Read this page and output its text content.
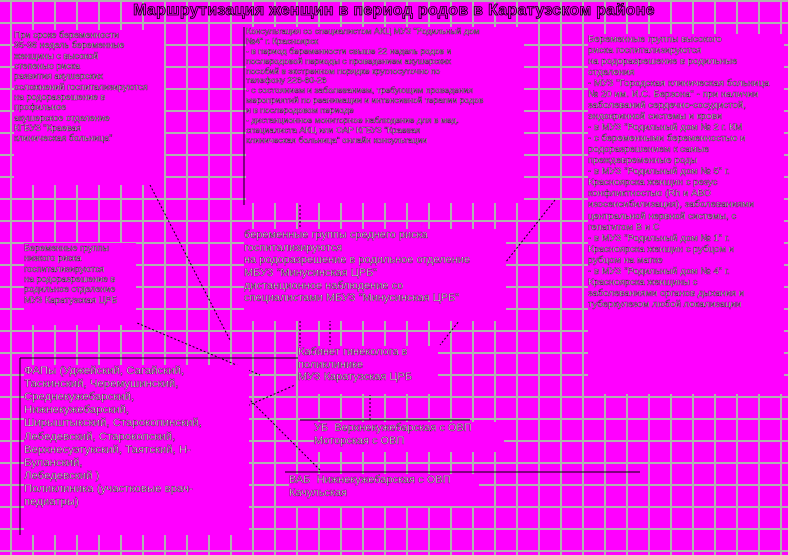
Маршрутизация женщин в период родов в Каратузском районе
При сроке беременности
35-36 недель беременные
женщины с высокой
степенью риска
развития акушерских
осложнений госпитализируются
на родоразрешение в
профильное
акушерское отделение
КГБУЗ "Краевая
клиническая больница"
Консультация со специалистом АКЦ МУЗ "Родильный дом
№4" г. Красноярск
- в период беременности свыше 22 недель родов и
послеродовой периоды с проведением акушерских
пособий в экстренном порядке круглосуточно по
телефону 226-60-26
- с состоянием и заболеванием, требующим проведения
мероприятий по реанимации и интенсивной терапии родов
и в послеродовом периоде
- дистанционное мониторное наблюдение для в мед.
специалиста АКЦ или ОАР КГБУЗ "Краевая
клиническая больница" онлайн консультации
Беременные группы высокого
риска госпитализируются
на родоразрешение в родильные
отделения
- МУЗ "Городская клиническая больница
№ 20 им. И.С. Берзона" - при наличии
заболеваний сердечно-сосудистой,
эндокринной системы и крови
- в МУЗ "Родильный дом № 2 г. КМ
- с беременными беременностью и
родоразрешением к самые
преждевременные роды
- в МУЗ "Родильный дом № 5" г.
Красноярска женщин с резус
конфликтностью (Rh и АВО
изосенсибилизация), заболеваниями
центральной нервной системы, с
гепатитом В и С
- в МУЗ "Родильный дом № 1" г.
Красноярска женщин с рубцом и
рубцом на матке
- в МУЗ "Родильный дом № 4" г.
Красноярска женщины с
заболеваниями органов дыхания и
туберкулезом любой локализации
Беременные группы
низкого риска
госпитализируются
на родоразрешение в
родильное отделение
МУЗ Каратузская ЦРБ
беременные группы среднего риска
госпитализируются
на родоразрешение в родильное отделение
МБУЗ "Минусинская ЦРБ"
дистанционное наблюдение со
специалистами МБУЗ "Минусинская ЦРБ"
Кабинет гинеколога в
поликлинике
МУЗ Каратузская ЦРБ
ФАПы (Уджейский, Сагайский,
Таскинский, Черемушинский,
Среднекужебарский,
Нижнекужебарский,
Ширыштыкский, Старокопинский,
Лебедевский, Старокопский,
Верхнесуэтукский, Таятский, Н-
Буланский,
Лебедевский )
Поликлиника (участковые врач-
педиатры)
УБ  Верхнекужебарская с ОВП
Моторская с ОВП
ВАБ  Нижнекужебарская с ОВП
Качульская
